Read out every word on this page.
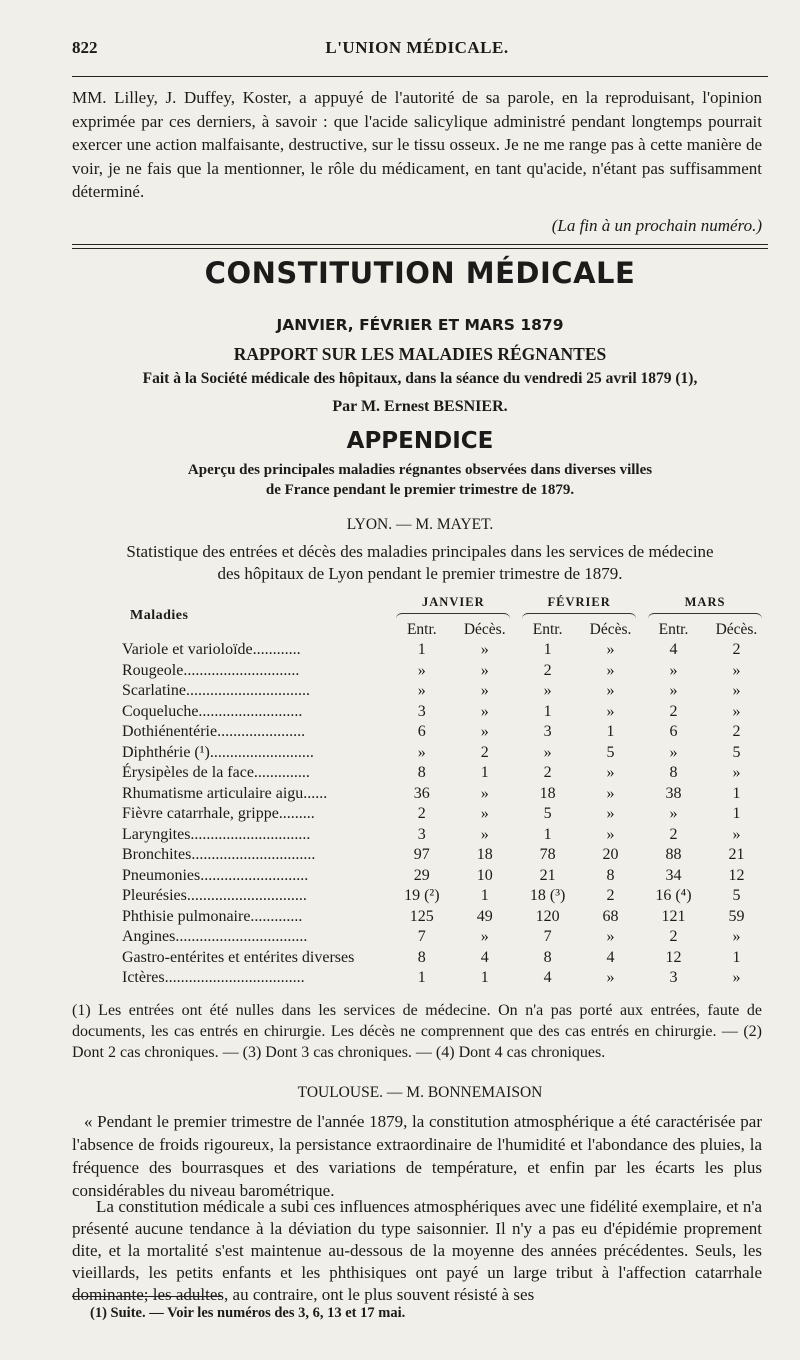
822	L'UNION MÉDICALE.
MM. Lilley, J. Duffey, Koster, a appuyé de l'autorité de sa parole, en la reproduisant, l'opinion exprimée par ces derniers, à savoir : que l'acide salicylique administré pendant longtemps pourrait exercer une action malfaisante, destructive, sur le tissu osseux. Je ne me range pas à cette manière de voir, je ne fais que la mentionner, le rôle du médicament, en tant qu'acide, n'étant pas suffisamment déterminé.
(La fin à un prochain numéro.)
CONSTITUTION MÉDICALE
JANVIER, FÉVRIER ET MARS 1879
RAPPORT SUR LES MALADIES RÉGNANTES
Fait à la Société médicale des hôpitaux, dans la séance du vendredi 25 avril 1879 (1),
Par M. Ernest BESNIER.
APPENDICE
Aperçu des principales maladies régnantes observées dans diverses villes
de France pendant le premier trimestre de 1879.
LYON. — M. MAYET.
Statistique des entrées et décès des maladies principales dans les services de médecine
des hôpitaux de Lyon pendant le premier trimestre de 1879.
Maladies	JANVIER		FÉVRIER		MARS	

	Entr.	Décès.	Entr.	Décès.	Entr.	Décès.
Variole et varioloïde............	1	»	1	»	4	2
Rougeole.............................	»	»	2	»	»	»
Scarlatine...............................	»	»	»	»	»	»
Coqueluche..........................	3	»	1	»	2	»
Dothiénentérie......................	6	»	3	1	6	2
Diphthérie (¹)..........................	»	2	»	5	»	5
Érysipèles de la face..............	8	1	2	»	8	»
Rhumatisme articulaire aigu......	36	»	18	»	38	1
Fièvre catarrhale, grippe.........	2	»	5	»	»	1
Laryngites..............................	3	»	1	»	2	»
Bronchites...............................	97	18	78	20	88	21
Pneumonies...........................	29	10	21	8	34	12
Pleurésies..............................	19 (²)	1	18 (³)	2	16 (⁴)	5
Phthisie pulmonaire.............	125	49	120	68	121	59
Angines.................................	7	»	7	»	2	»
Gastro-entérites et entérites diverses	8	4	8	4	12	1
Ictères...................................	1	1	4	»	3	»
(1) Les entrées ont été nulles dans les services de médecine. On n'a pas porté aux entrées, faute de documents, les cas entrés en chirurgie. Les décès ne comprennent que des cas entrés en chirurgie. — (2) Dont 2 cas chroniques. — (3) Dont 3 cas chroniques. — (4) Dont 4 cas chroniques.
TOULOUSE. — M. BONNEMAISON
« Pendant le premier trimestre de l'année 1879, la constitution atmosphérique a été caractérisée par l'absence de froids rigoureux, la persistance extraordinaire de l'humidité et l'abondance des pluies, la fréquence des bourrasques et des variations de température, et enfin par les écarts les plus considérables du niveau barométrique.
La constitution médicale a subi ces influences atmosphériques avec une fidélité exemplaire, et n'a présenté aucune tendance à la déviation du type saisonnier. Il n'y a pas eu d'épidémie proprement dite, et la mortalité s'est maintenue au-dessous de la moyenne des années précédentes. Seuls, les vieillards, les petits enfants et les phthisiques ont payé un large tribut à l'affection catarrhale dominante; les adultes, au contraire, ont le plus souvent résisté à ses
(1) Suite. — Voir les numéros des 3, 6, 13 et 17 mai.
